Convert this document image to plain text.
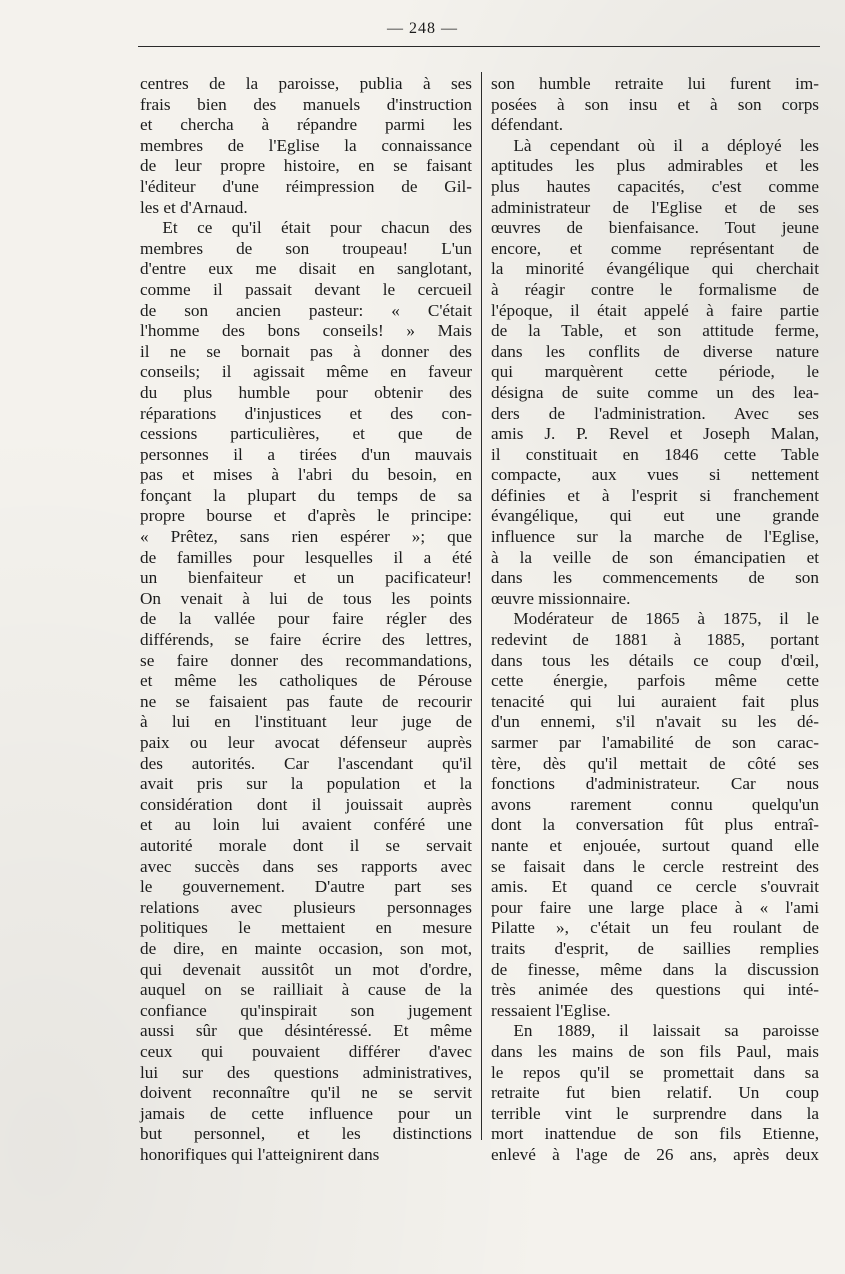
— 248 —
centres de la paroisse, publia à ses
frais bien des manuels d'instruction
et chercha à répandre parmi les
membres de l'Eglise la connaissance
de leur propre histoire, en se faisant
l'éditeur d'une réimpression de Gil-
les et d'Arnaud.
Et ce qu'il était pour chacun des
membres de son troupeau! L'un
d'entre eux me disait en sanglotant,
comme il passait devant le cercueil
de son ancien pasteur: « C'était
l'homme des bons conseils! » Mais
il ne se bornait pas à donner des
conseils; il agissait même en faveur
du plus humble pour obtenir des
réparations d'injustices et des con-
cessions particulières, et que de
personnes il a tirées d'un mauvais
pas et mises à l'abri du besoin, en
fonçant la plupart du temps de sa
propre bourse et d'après le principe:
« Prêtez, sans rien espérer »; que
de familles pour lesquelles il a été
un bienfaiteur et un pacificateur!
On venait à lui de tous les points
de la vallée pour faire régler des
différends, se faire écrire des lettres,
se faire donner des recommandations,
et même les catholiques de Pérouse
ne se faisaient pas faute de recourir
à lui en l'instituant leur juge de
paix ou leur avocat défenseur auprès
des autorités. Car l'ascendant qu'il
avait pris sur la population et la
considération dont il jouissait auprès
et au loin lui avaient conféré une
autorité morale dont il se servait
avec succès dans ses rapports avec
le gouvernement. D'autre part ses
relations avec plusieurs personnages
politiques le mettaient en mesure
de dire, en mainte occasion, son mot,
qui devenait aussitôt un mot d'ordre,
auquel on se railliait à cause de la
confiance qu'inspirait son jugement
aussi sûr que désintéressé. Et même
ceux qui pouvaient différer d'avec
lui sur des questions administratives,
doivent reconnaître qu'il ne se servit
jamais de cette influence pour un
but personnel, et les distinctions
honorifiques qui l'atteignirent dans
son humble retraite lui furent im-
posées à son insu et à son corps
défendant.
Là cependant où il a déployé les
aptitudes les plus admirables et les
plus hautes capacités, c'est comme
administrateur de l'Eglise et de ses
œuvres de bienfaisance. Tout jeune
encore, et comme représentant de
la minorité évangélique qui cherchait
à réagir contre le formalisme de
l'époque, il était appelé à faire partie
de la Table, et son attitude ferme,
dans les conflits de diverse nature
qui marquèrent cette période, le
désigna de suite comme un des lea-
ders de l'administration. Avec ses
amis J. P. Revel et Joseph Malan,
il constituait en 1846 cette Table
compacte, aux vues si nettement
définies et à l'esprit si franchement
évangélique, qui eut une grande
influence sur la marche de l'Eglise,
à la veille de son émancipatien et
dans les commencements de son
œuvre missionnaire.
Modérateur de 1865 à 1875, il le
redevint de 1881 à 1885, portant
dans tous les détails ce coup d'œil,
cette énergie, parfois même cette
tenacité qui lui auraient fait plus
d'un ennemi, s'il n'avait su les dé-
sarmer par l'amabilité de son carac-
tère, dès qu'il mettait de côté ses
fonctions d'administrateur. Car nous
avons rarement connu quelqu'un
dont la conversation fût plus entraî-
nante et enjouée, surtout quand elle
se faisait dans le cercle restreint des
amis. Et quand ce cercle s'ouvrait
pour faire une large place à « l'ami
Pilatte », c'était un feu roulant de
traits d'esprit, de saillies remplies
de finesse, même dans la discussion
très animée des questions qui inté-
ressaient l'Eglise.
En 1889, il laissait sa paroisse
dans les mains de son fils Paul, mais
le repos qu'il se promettait dans sa
retraite fut bien relatif. Un coup
terrible vint le surprendre dans la
mort inattendue de son fils Etienne,
enlevé à l'age de 26 ans, après deux
